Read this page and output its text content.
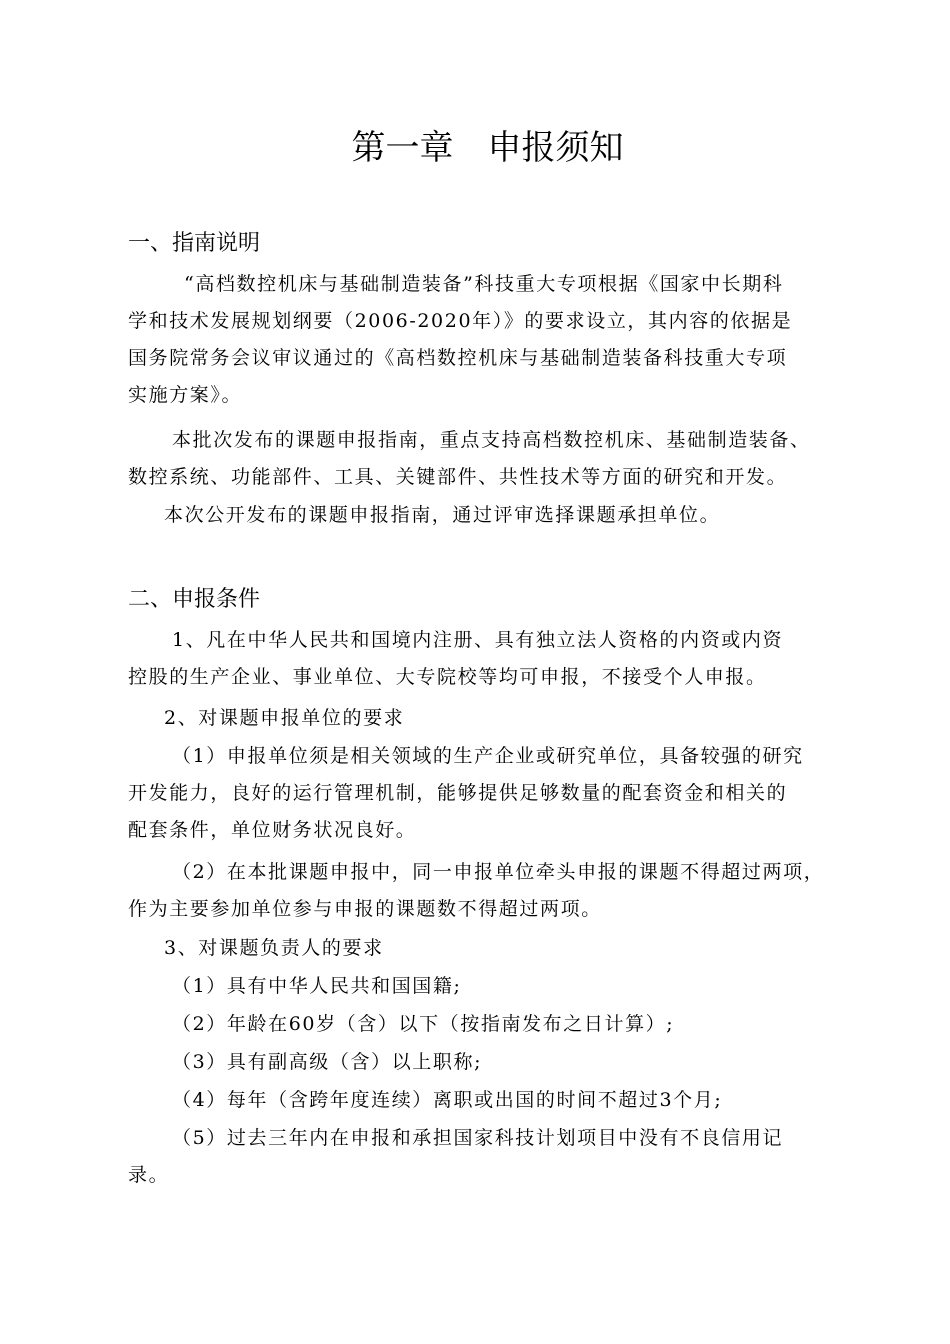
第一章　申报须知
一、指南说明

“高档数控机床与基础制造装备”科技重大专项根据《国家中长期科
学和技术发展规划纲要（2006-2020年）》的要求设立，其内容的依据是
国务院常务会议审议通过的《高档数控机床与基础制造装备科技重大专项
实施方案》。

本批次发布的课题申报指南，重点支持高档数控机床、基础制造装备、
数控系统、功能部件、工具、关键部件、共性技术等方面的研究和开发。

本次公开发布的课题申报指南，通过评审选择课题承担单位。

二、申报条件

1、凡在中华人民共和国境内注册、具有独立法人资格的内资或内资
控股的生产企业、事业单位、大专院校等均可申报，不接受个人申报。

2、对课题申报单位的要求

（1）申报单位须是相关领域的生产企业或研究单位，具备较强的研究
开发能力，良好的运行管理机制，能够提供足够数量的配套资金和相关的
配套条件，单位财务状况良好。

（2）在本批课题申报中，同一申报单位牵头申报的课题不得超过两项，
作为主要参加单位参与申报的课题数不得超过两项。

3、对课题负责人的要求

（1）具有中华人民共和国国籍;

（2）年龄在60岁（含）以下（按指南发布之日计算）;

（3）具有副高级（含）以上职称;

（4）每年（含跨年度连续）离职或出国的时间不超过3个月;

（5）过去三年内在申报和承担国家科技计划项目中没有不良信用记
录。
